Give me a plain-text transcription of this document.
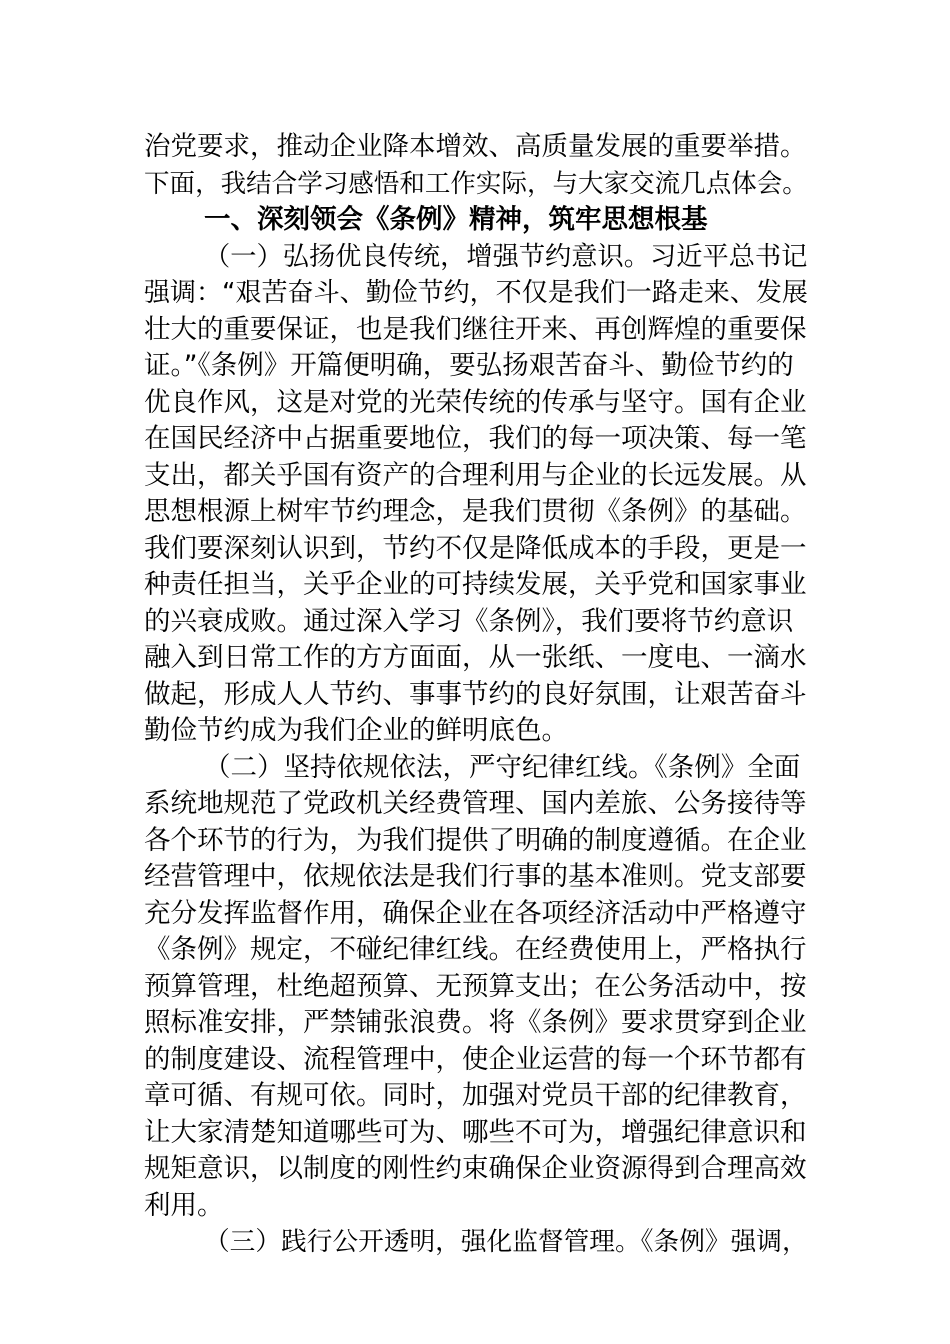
治党要求，推动企业降本增效、高质量发展的重要举措。
下面，我结合学习感悟和工作实际，与大家交流几点体会。
一、深刻领会《条例》精神，筑牢思想根基
（一）弘扬优良传统，增强节约意识。习近平总书记
强调：“艰苦奋斗、勤俭节约，不仅是我们一路走来、发展
壮大的重要保证，也是我们继往开来、再创辉煌的重要保
证。”《条例》开篇便明确，要弘扬艰苦奋斗、勤俭节约的
优良作风，这是对党的光荣传统的传承与坚守。国有企业
在国民经济中占据重要地位，我们的每一项决策、每一笔
支出，都关乎国有资产的合理利用与企业的长远发展。从
思想根源上树牢节约理念，是我们贯彻《条例》的基础。
我们要深刻认识到，节约不仅是降低成本的手段，更是一
种责任担当，关乎企业的可持续发展，关乎党和国家事业
的兴衰成败。通过深入学习《条例》，我们要将节约意识
融入到日常工作的方方面面，从一张纸、一度电、一滴水
做起，形成人人节约、事事节约的良好氛围，让艰苦奋斗
勤俭节约成为我们企业的鲜明底色。
（二）坚持依规依法，严守纪律红线。《条例》全面
系统地规范了党政机关经费管理、国内差旅、公务接待等
各个环节的行为，为我们提供了明确的制度遵循。在企业
经营管理中，依规依法是我们行事的基本准则。党支部要
充分发挥监督作用，确保企业在各项经济活动中严格遵守
《条例》规定，不碰纪律红线。在经费使用上，严格执行
预算管理，杜绝超预算、无预算支出；在公务活动中，按
照标准安排，严禁铺张浪费。将《条例》要求贯穿到企业
的制度建设、流程管理中，使企业运营的每一个环节都有
章可循、有规可依。同时，加强对党员干部的纪律教育，
让大家清楚知道哪些可为、哪些不可为，增强纪律意识和
规矩意识，以制度的刚性约束确保企业资源得到合理高效
利用。
（三）践行公开透明，强化监督管理。《条例》强调，
